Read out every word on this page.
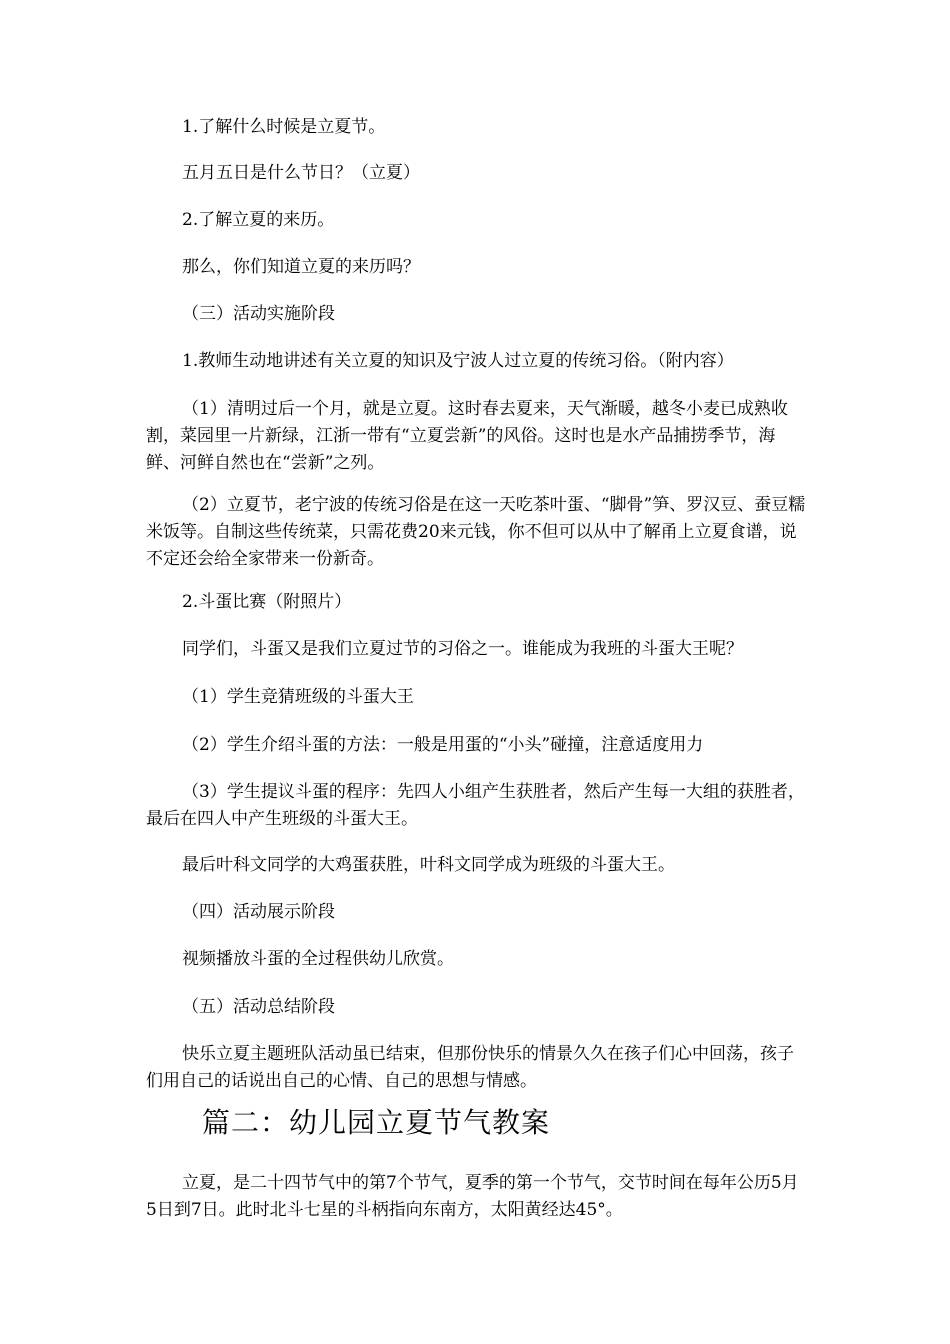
1.了解什么时候是立夏节。

五月五日是什么节日？（立夏）

2.了解立夏的来历。

那么，你们知道立夏的来历吗？

（三）活动实施阶段

1.教师生动地讲述有关立夏的知识及宁波人过立夏的传统习俗。（附内容）

（1）清明过后一个月，就是立夏。这时春去夏来，天气渐暖，越冬小麦已成熟收割，菜园里一片新绿，江浙一带有“立夏尝新”的风俗。这时也是水产品捕捞季节，海鲜、河鲜自然也在“尝新”之列。

（2）立夏节，老宁波的传统习俗是在这一天吃茶叶蛋、“脚骨”笋、罗汉豆、蚕豆糯米饭等。自制这些传统菜，只需花费20来元钱，你不但可以从中了解甬上立夏食谱，说不定还会给全家带来一份新奇。

2.斗蛋比赛（附照片）

同学们，斗蛋又是我们立夏过节的习俗之一。谁能成为我班的斗蛋大王呢？

（1）学生竞猜班级的斗蛋大王

（2）学生介绍斗蛋的方法：一般是用蛋的“小头”碰撞，注意适度用力

（3）学生提议斗蛋的程序：先四人小组产生获胜者，然后产生每一大组的获胜者，最后在四人中产生班级的斗蛋大王。

最后叶科文同学的大鸡蛋获胜，叶科文同学成为班级的斗蛋大王。

（四）活动展示阶段

视频播放斗蛋的全过程供幼儿欣赏。

（五）活动总结阶段

快乐立夏主题班队活动虽已结束，但那份快乐的情景久久在孩子们心中回荡，孩子们用自己的话说出自己的心情、自己的思想与情感。

篇二：幼儿园立夏节气教案

立夏，是二十四节气中的第7个节气，夏季的第一个节气，交节时间在每年公历5月5日到7日。此时北斗七星的斗柄指向东南方，太阳黄经达45°。
